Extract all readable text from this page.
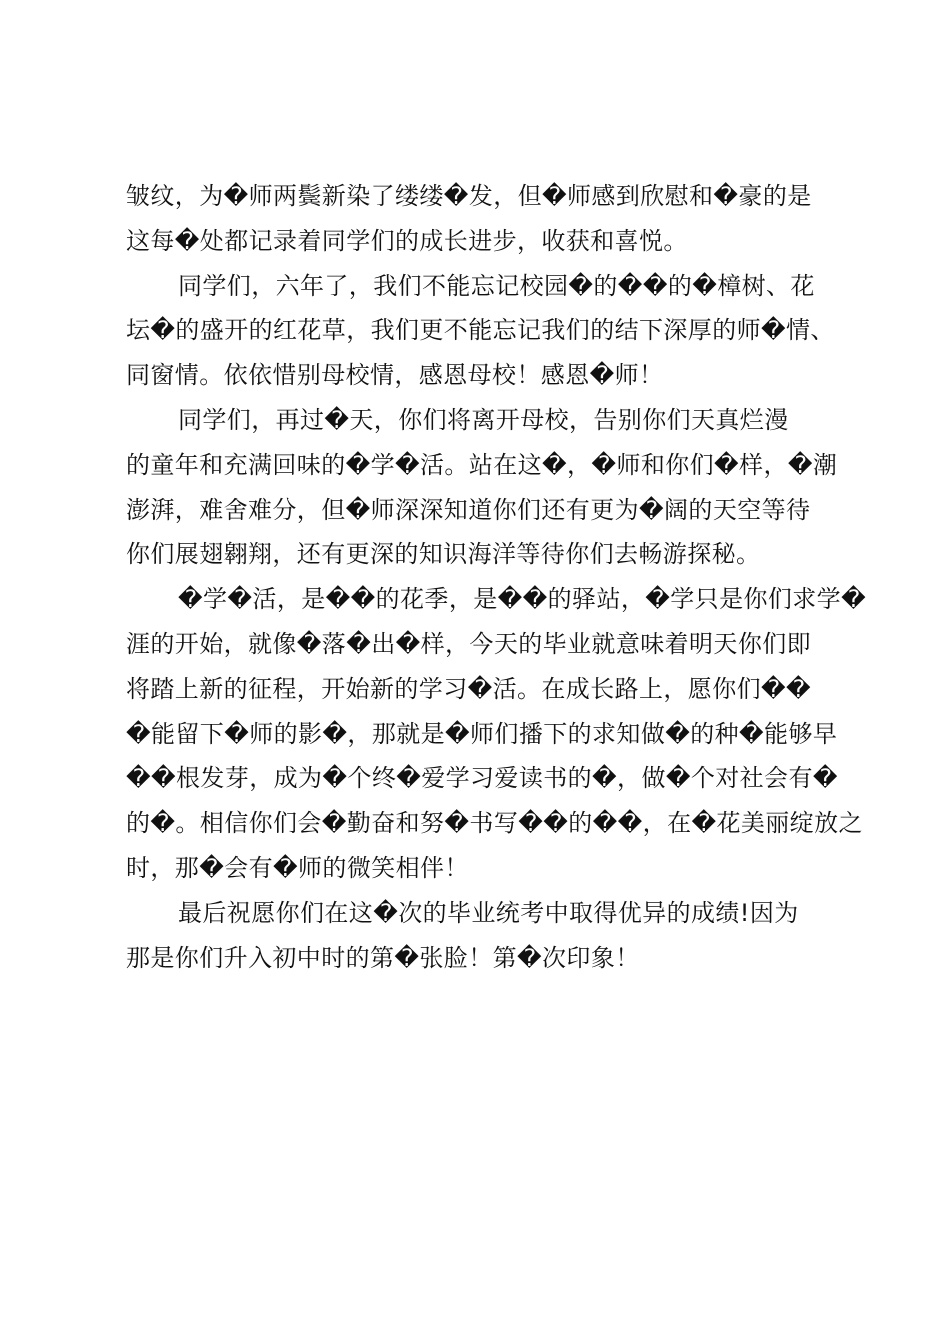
皱纹，为�师两鬓新染了缕缕�发，但�师感到欣慰和�豪的是
这每�处都记录着同学们的成长进步，收获和喜悦。
同学们，六年了，我们不能忘记校园�的��的�樟树、花
坛�的盛开的红花草，我们更不能忘记我们的结下深厚的师�情、
同窗情。依依惜别母校情，感恩母校！感恩�师！
同学们，再过�天，你们将离开母校，告别你们天真烂漫
的童年和充满回味的�学�活。站在这�，�师和你们�样，�潮
澎湃，难舍难分，但�师深深知道你们还有更为�阔的天空等待
你们展翅翱翔，还有更深的知识海洋等待你们去畅游探秘。
�学�活，是��的花季，是��的驿站，�学只是你们求学�
涯的开始，就像�落�出�样，今天的毕业就意味着明天你们即
将踏上新的征程，开始新的学习�活。在成长路上，愿你们��
�能留下�师的影�，那就是�师们播下的求知做�的种�能够早
��根发芽，成为�个终�爱学习爱读书的�，做�个对社会有�
的�。相信你们会�勤奋和努�书写��的��，在�花美丽绽放之
时，那�会有�师的微笑相伴！
最后祝愿你们在这�次的毕业统考中取得优异的成绩!因为
那是你们升入初中时的第�张脸！第�次印象！
